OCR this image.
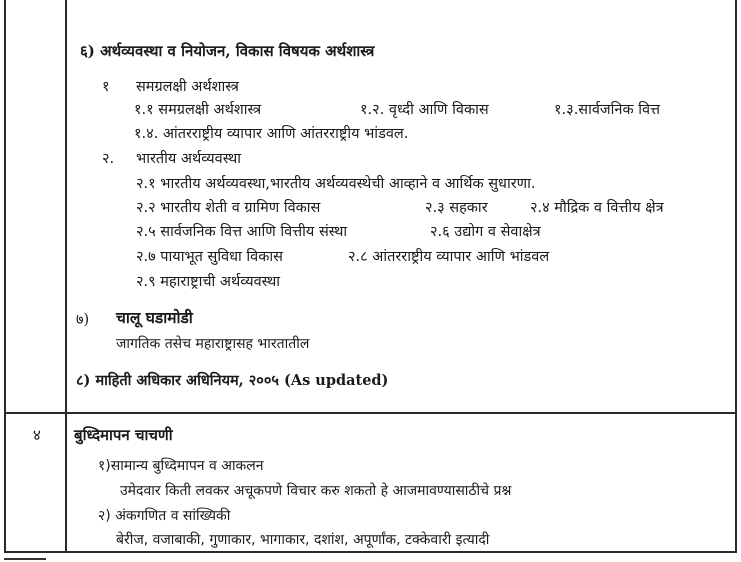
६) अर्थव्यवस्था व नियोजन, विकास विषयक अर्थशास्त्र
१ समग्रलक्षी अर्थशास्त्र
१.१ समग्रलक्षी अर्थशास्त्र	१.२. वृध्दी आणि विकास	१.३.सार्वजनिक वित्त
१.४. आंतरराष्ट्रीय व्यापार आणि आंतरराष्ट्रीय भांडवल.
२. भारतीय अर्थव्यवस्था
२.१ भारतीय अर्थव्यवस्था,भारतीय अर्थव्यवस्थेची आव्हाने व आर्थिक सुधारणा.
२.२ भारतीय शेती व ग्रामिण विकास	२.३ सहकार	२.४ मौद्रिक व वित्तीय क्षेत्र
२.५ सार्वजनिक वित्त आणि वित्तीय संस्था	२.६ उद्योग व सेवाक्षेत्र
२.७ पायाभूत सुविधा विकास	२.८ आंतरराष्ट्रीय व्यापार आणि भांडवल
२.९ महाराष्ट्राची अर्थव्यवस्था
७) चालू घडामोडी
जागतिक तसेच महाराष्ट्रासह भारतातील
८) माहिती अधिकार अधिनियम, २००५ (As updated)
४ बुध्दिमापन चाचणी
१)सामान्य बुध्दिमापन व आकलन
उमेदवार किती लवकर अचूकपणे विचार करु शकतो हे आजमावण्यासाठीचे प्रश्न
२) अंकगणित व सांख्यिकी
बेरीज, वजाबाकी, गुणाकार, भागाकार, दशांश, अपूर्णांक, टक्केवारी इत्यादी
